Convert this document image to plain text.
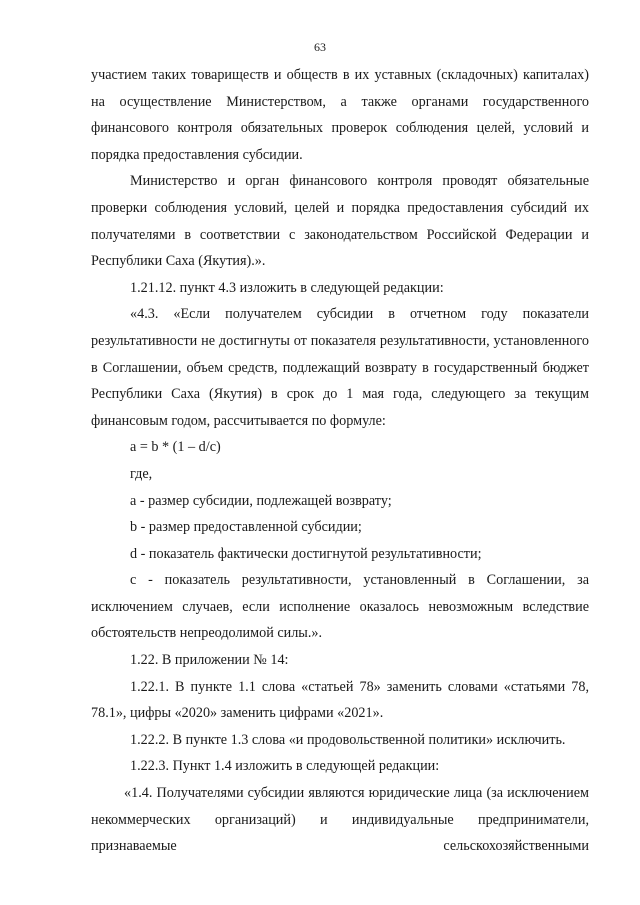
63

участием таких товариществ и обществ в их уставных (складочных) капиталах) на осуществление Министерством, а также органами государственного финансового контроля обязательных проверок соблюдения целей, условий и порядка предоставления субсидии.

Министерство и орган финансового контроля проводят обязательные проверки соблюдения условий, целей и порядка предоставления субсидий их получателями в соответствии с законодательством Российской Федерации и Республики Саха (Якутия).».

1.21.12. пункт 4.3 изложить в следующей редакции:

«4.3. «Если получателем субсидии в отчетном году показатели результативности не достигнуты от показателя результативности, установленного в Соглашении, объем средств, подлежащий возврату в государственный бюджет Республики Саха (Якутия) в срок до 1 мая года, следующего за текущим финансовым годом, рассчитывается по формуле:

a = b * (1 – d/c)

где,

a - размер субсидии, подлежащей возврату;

b - размер предоставленной субсидии;

d - показатель фактически достигнутой результативности;

c - показатель результативности, установленный в Соглашении, за исключением случаев, если исполнение оказалось невозможным вследствие обстоятельств непреодолимой силы.».

1.22. В приложении № 14:

1.22.1. В пункте 1.1 слова «статьей 78» заменить словами «статьями 78, 78.1», цифры «2020» заменить цифрами «2021».

1.22.2. В пункте 1.3 слова «и продовольственной политики» исключить.

1.22.3. Пункт 1.4 изложить в следующей редакции:

«1.4. Получателями субсидии являются юридические лица (за исключением некоммерческих организаций) и индивидуальные предприниматели, признаваемые сельскохозяйственными
